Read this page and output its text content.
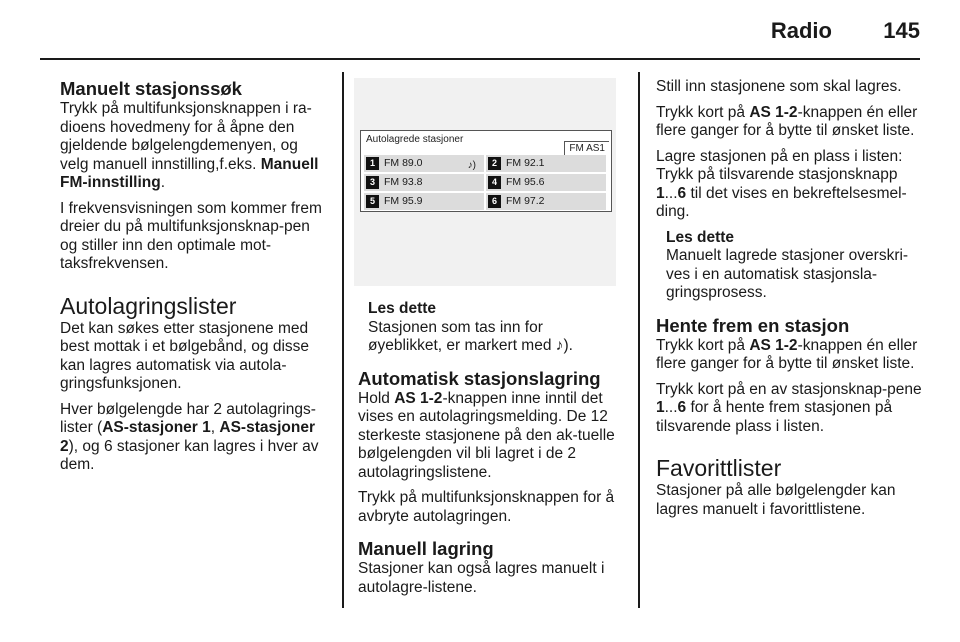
Radio 145
Manuelt stasjonssøk

Trykk på multifunksjonsknappen i ra-dioens hovedmeny for å åpne den gjeldende bølgelengdemenyen, og velg manuell innstilling,f.eks. Manuell FM-innstilling.

I frekvensvisningen som kommer frem dreier du på multifunksjonsknap-pen og stiller inn den optimale mot-taksfrekvensen.

Autolagringslister

Det kan søkes etter stasjonene med best mottak i et bølgebånd, og disse kan lagres automatisk via autola-gringsfunksjonen.

Hver bølgelengde har 2 autolagrings-lister (AS-stasjoner 1, AS-stasjoner 2), og 6 stasjoner kan lagres i hver av dem.

Autolagrede stasjoner
FM AS1
1 FM 89.0	♪)	2 FM 92.1
3 FM 93.8	4 FM 95.6
5 FM 95.9	6 FM 97.2

Les dette

Stasjonen som tas inn for øyeblikket, er markert med ♪).

Automatisk stasjonslagring

Hold AS 1-2-knappen inne inntil det vises en autolagringsmelding. De 12 sterkeste stasjonene på den ak-tuelle bølgelengden vil bli lagret i de 2 autolagringslistene.

Trykk på multifunksjonsknappen for å avbryte autolagringen.

Manuell lagring

Stasjoner kan også lagres manuelt i autolagre-listene.

Still inn stasjonene som skal lagres.

Trykk kort på AS 1-2-knappen én eller flere ganger for å bytte til ønsket liste.

Lagre stasjonen på en plass i listen: Trykk på tilsvarende stasjonsknapp 1...6 til det vises en bekreftelsesmel-ding.

Les dette

Manuelt lagrede stasjoner overskri-ves i en automatisk stasjonsla-gringsprosess.

Hente frem en stasjon

Trykk kort på AS 1-2-knappen én eller flere ganger for å bytte til ønsket liste.

Trykk kort på en av stasjonsknap-pene 1...6 for å hente frem stasjonen på tilsvarende plass i listen.

Favorittlister

Stasjoner på alle bølgelengder kan lagres manuelt i favorittlistene.
